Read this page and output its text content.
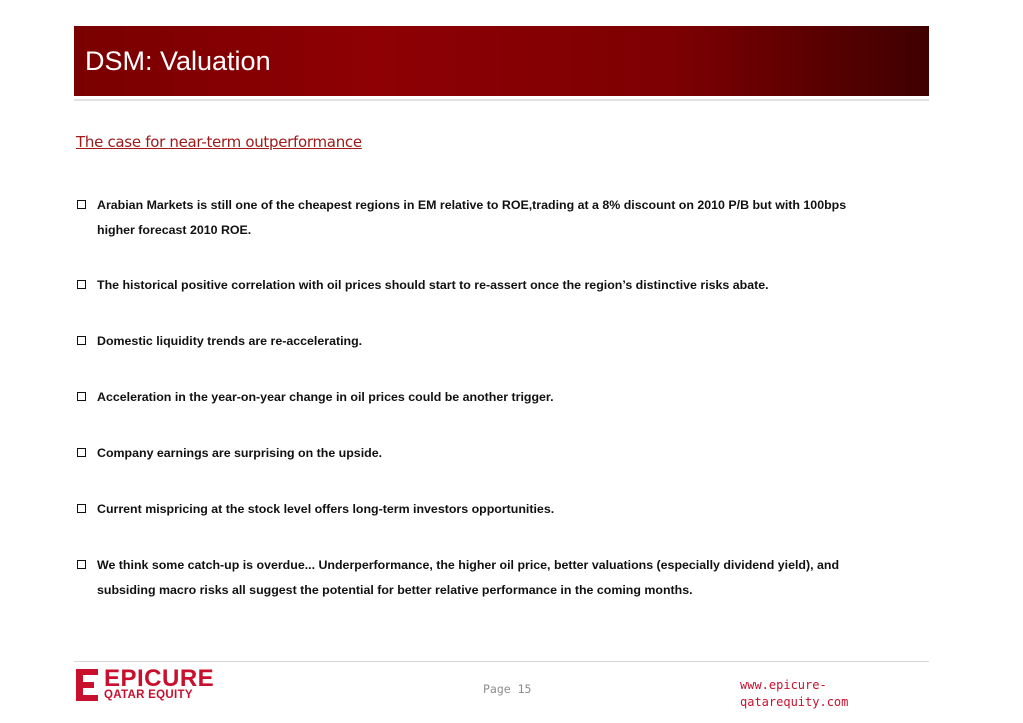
DSM: Valuation
The case for near-term outperformance
Arabian Markets is still one of the cheapest regions in EM relative to ROE,trading at a 8% discount on 2010 P/B but with 100bps
higher forecast 2010 ROE.
The historical positive correlation with oil prices should start to re-assert once the region’s distinctive risks abate.
Domestic liquidity trends are re-accelerating.
Acceleration in the year-on-year change in oil prices could be another trigger.
Company earnings are surprising on the upside.
Current mispricing at the stock level offers long-term investors opportunities.
We think some catch-up is overdue... Underperformance, the higher oil price, better valuations (especially dividend yield), and
subsiding macro risks all suggest the potential for better relative performance in the coming months.
EPICURE
QATAR EQUITY	Page 15	www.epicure-
qatarequity.com
